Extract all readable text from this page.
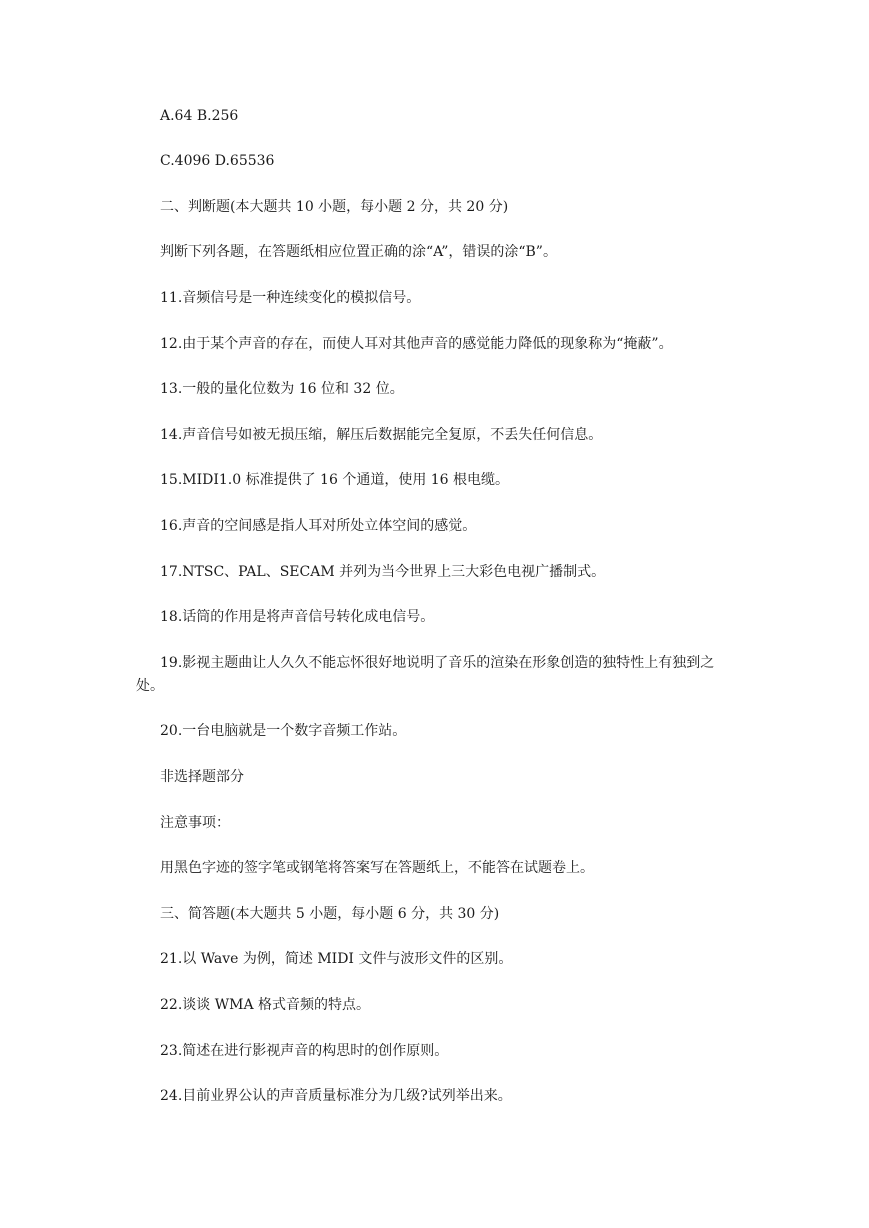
A.64 B.256
C.4096 D.65536
二、判断题(本大题共 10 小题，每小题 2 分，共 20 分)
判断下列各题，在答题纸相应位置正确的涂“A”，错误的涂“B”。
11.音频信号是一种连续变化的模拟信号。
12.由于某个声音的存在，而使人耳对其他声音的感觉能力降低的现象称为“掩蔽”。
13.一般的量化位数为 16 位和 32 位。
14.声音信号如被无损压缩，解压后数据能完全复原，不丢失任何信息。
15.MIDI1.0 标准提供了 16 个通道，使用 16 根电缆。
16.声音的空间感是指人耳对所处立体空间的感觉。
17.NTSC、PAL、SECAM 并列为当今世界上三大彩色电视广播制式。
18.话筒的作用是将声音信号转化成电信号。
19.影视主题曲让人久久不能忘怀很好地说明了音乐的渲染在形象创造的独特性上有独到之处。
20.一台电脑就是一个数字音频工作站。
非选择题部分
注意事项：
用黑色字迹的签字笔或钢笔将答案写在答题纸上，不能答在试题卷上。
三、简答题(本大题共 5 小题，每小题 6 分，共 30 分)
21.以 Wave 为例，简述 MIDI 文件与波形文件的区别。
22.谈谈 WMA 格式音频的特点。
23.简述在进行影视声音的构思时的创作原则。
24.目前业界公认的声音质量标准分为几级?试列举出来。
